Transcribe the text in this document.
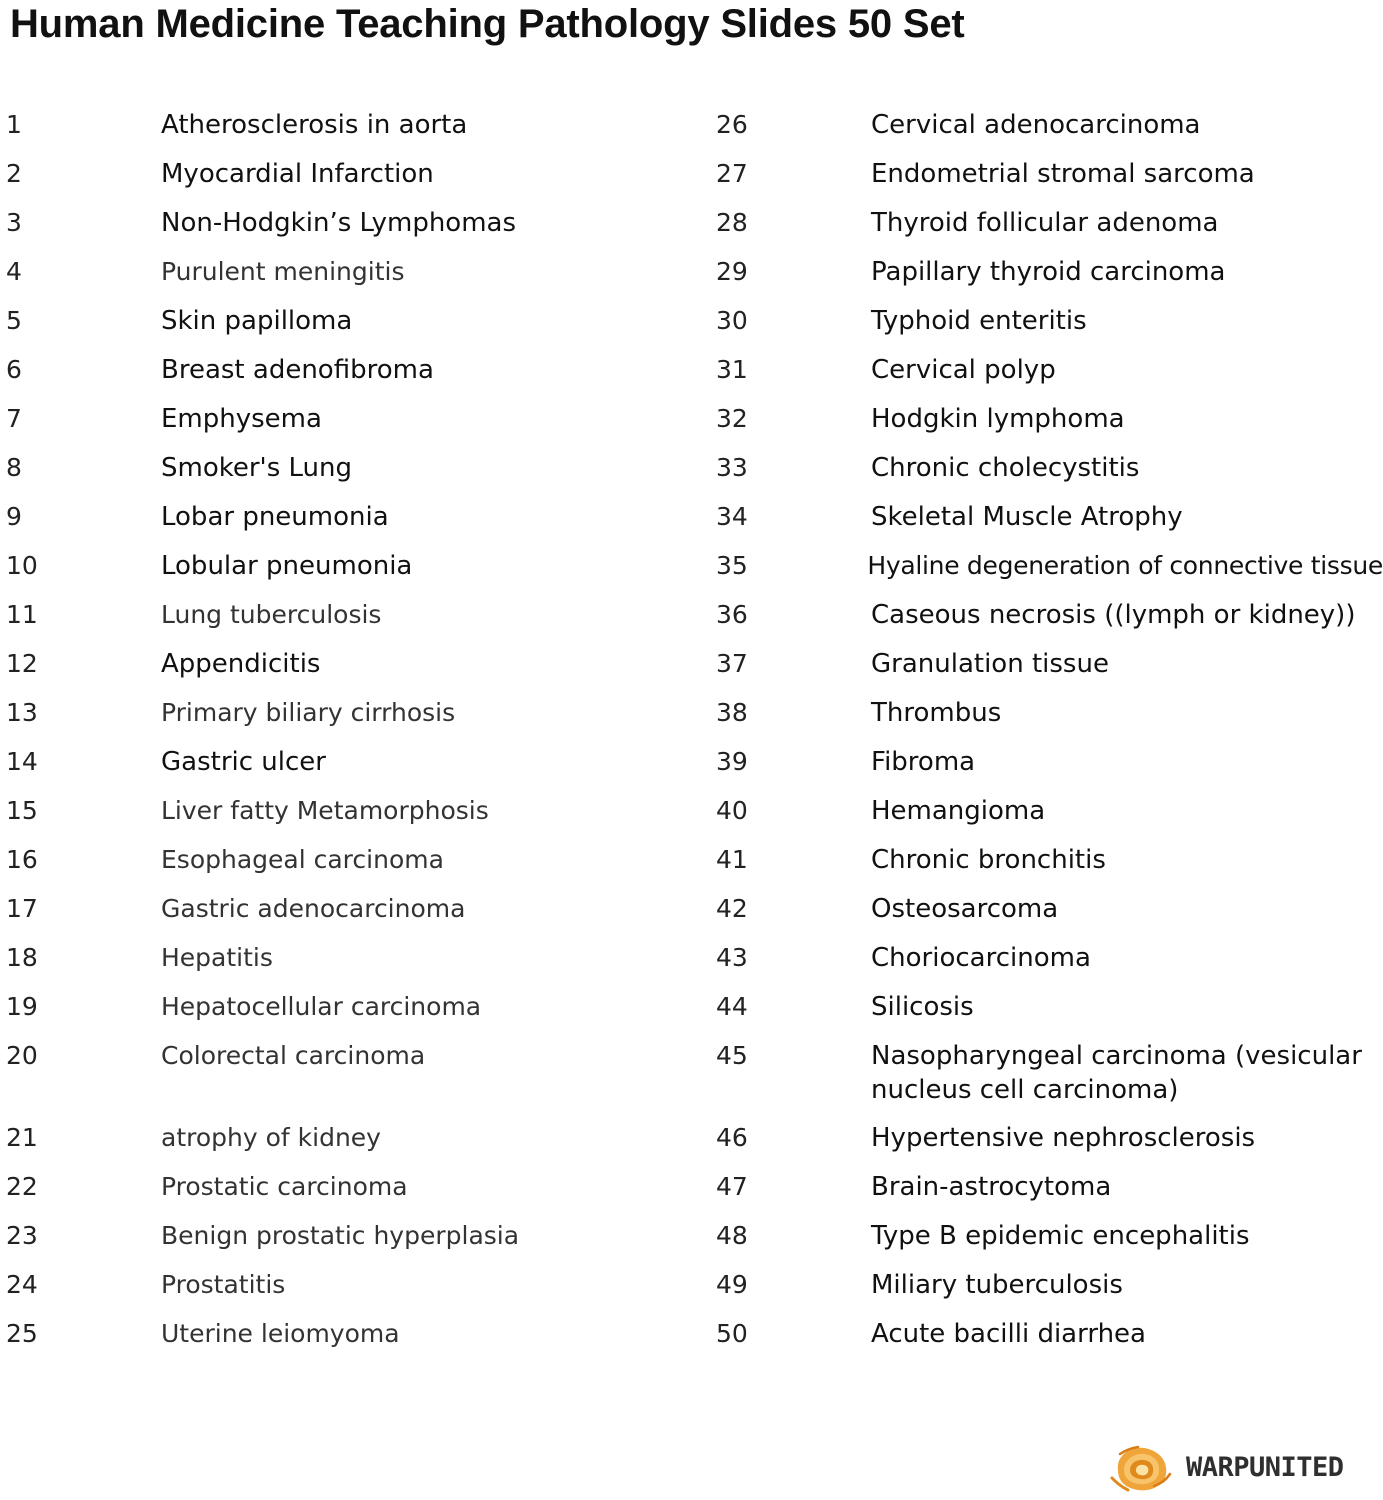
Human Medicine Teaching Pathology Slides 50 Set
1	Atherosclerosis in aorta
2	Myocardial Infarction
3	Non-Hodgkin’s Lymphomas
4	Purulent meningitis
5	Skin papilloma
6	Breast adenofibroma
7	Emphysema
8	Smoker's Lung
9	Lobar pneumonia
10	Lobular pneumonia
11	Lung tuberculosis
12	Appendicitis
13	Primary biliary cirrhosis
14	Gastric ulcer
15	Liver fatty Metamorphosis
16	Esophageal carcinoma
17	Gastric adenocarcinoma
18	Hepatitis
19	Hepatocellular carcinoma
20	Colorectal carcinoma
21	atrophy of kidney
22	Prostatic carcinoma
23	Benign prostatic hyperplasia
24	Prostatitis
25	Uterine leiomyoma
26	Cervical adenocarcinoma
27	Endometrial stromal sarcoma
28	Thyroid follicular adenoma
29	Papillary thyroid carcinoma
30	Typhoid enteritis
31	Cervical polyp
32	Hodgkin lymphoma
33	Chronic cholecystitis
34	Skeletal Muscle Atrophy
35	Hyaline degeneration of connective tissue
36	Caseous necrosis ((lymph or kidney))
37	Granulation tissue
38	Thrombus
39	Fibroma
40	Hemangioma
41	Chronic bronchitis
42	Osteosarcoma
43	Choriocarcinoma
44	Silicosis
45	Nasopharyngeal carcinoma (vesicular nucleus cell carcinoma)
46	Hypertensive nephrosclerosis
47	Brain-astrocytoma
48	Type B epidemic encephalitis
49	Miliary tuberculosis
50	Acute bacilli diarrhea
WARPUNITED
